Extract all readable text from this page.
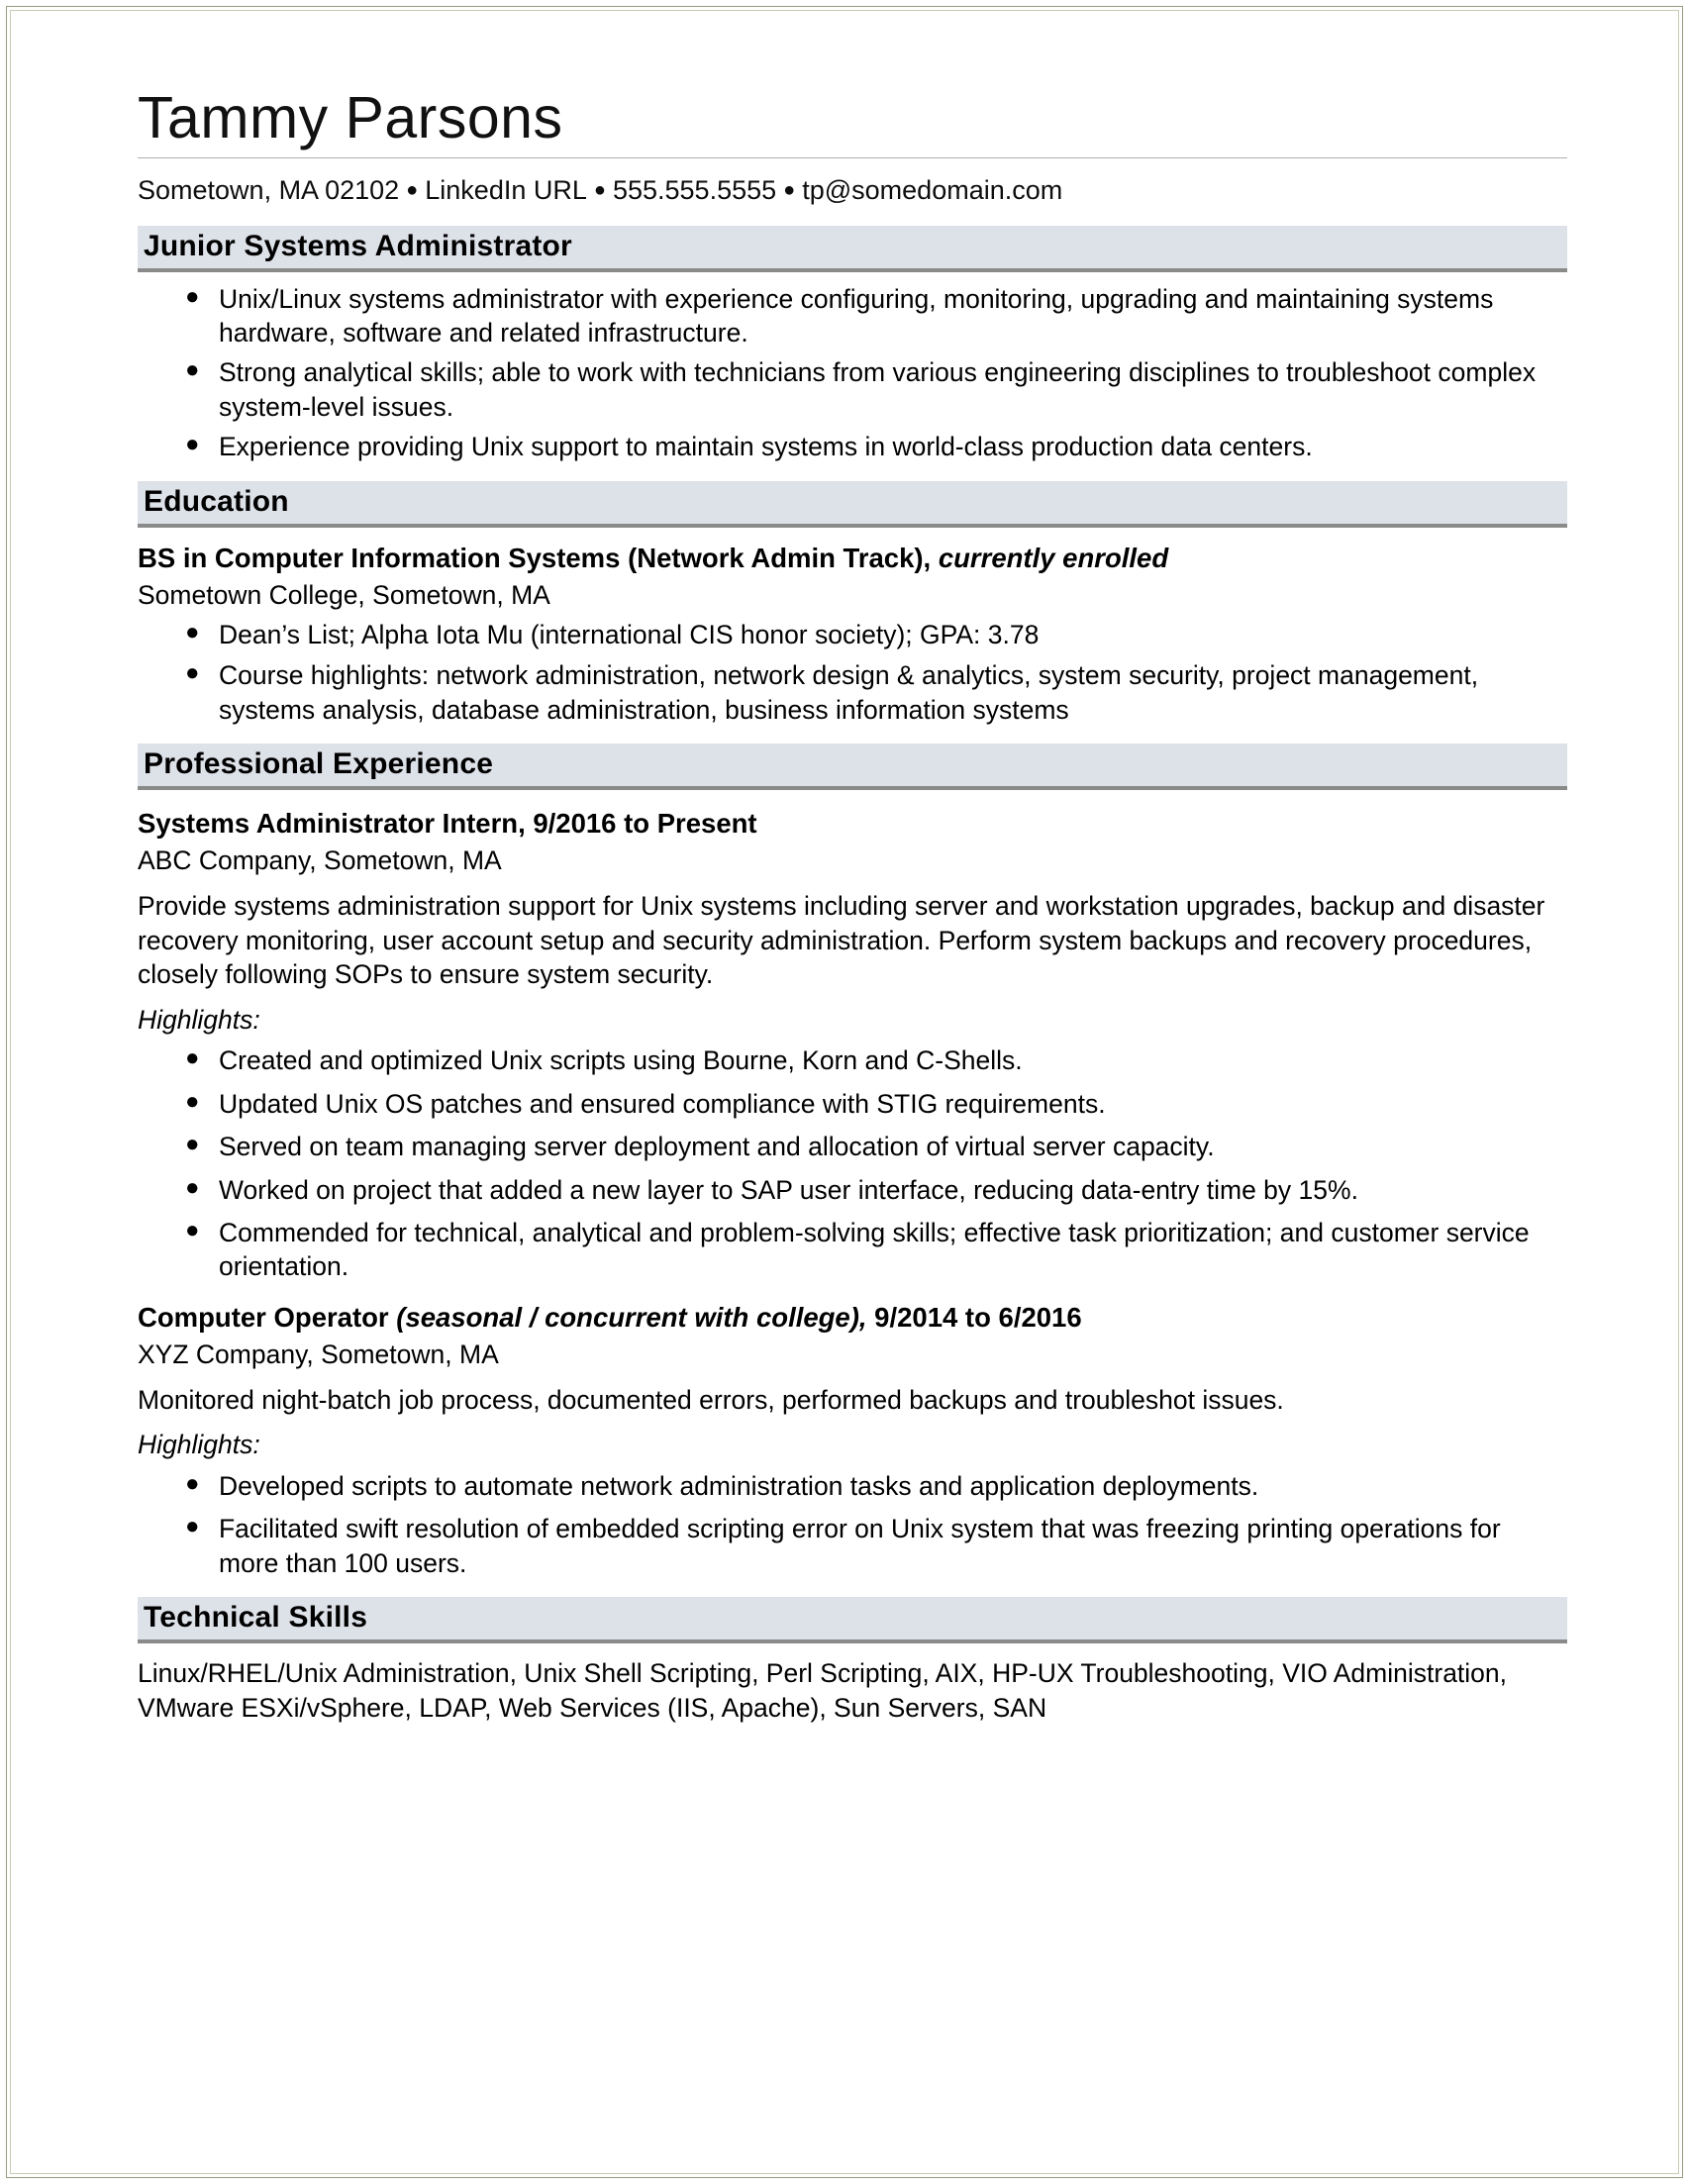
Tammy Parsons
Sometown, MA 02102 ● LinkedIn URL ● 555.555.5555 ● tp@somedomain.com
Junior Systems Administrator
● Unix/Linux systems administrator with experience configuring, monitoring, upgrading and maintaining systems hardware, software and related infrastructure.
● Strong analytical skills; able to work with technicians from various engineering disciplines to troubleshoot complex system-level issues.
● Experience providing Unix support to maintain systems in world-class production data centers.
Education
BS in Computer Information Systems (Network Admin Track), currently enrolled
Sometown College, Sometown, MA
● Dean’s List; Alpha Iota Mu (international CIS honor society); GPA: 3.78
● Course highlights: network administration, network design & analytics, system security, project management, systems analysis, database administration, business information systems
Professional Experience
Systems Administrator Intern, 9/2016 to Present
ABC Company, Sometown, MA
Provide systems administration support for Unix systems including server and workstation upgrades, backup and disaster recovery monitoring, user account setup and security administration. Perform system backups and recovery procedures, closely following SOPs to ensure system security.
Highlights:
● Created and optimized Unix scripts using Bourne, Korn and C-Shells.
● Updated Unix OS patches and ensured compliance with STIG requirements.
● Served on team managing server deployment and allocation of virtual server capacity.
● Worked on project that added a new layer to SAP user interface, reducing data-entry time by 15%.
● Commended for technical, analytical and problem-solving skills; effective task prioritization; and customer service orientation.
Computer Operator (seasonal / concurrent with college), 9/2014 to 6/2016
XYZ Company, Sometown, MA
Monitored night-batch job process, documented errors, performed backups and troubleshot issues.
Highlights:
● Developed scripts to automate network administration tasks and application deployments.
● Facilitated swift resolution of embedded scripting error on Unix system that was freezing printing operations for more than 100 users.
Technical Skills
Linux/RHEL/Unix Administration, Unix Shell Scripting, Perl Scripting, AIX, HP-UX Troubleshooting, VIO Administration, VMware ESXi/vSphere, LDAP, Web Services (IIS, Apache), Sun Servers, SAN
